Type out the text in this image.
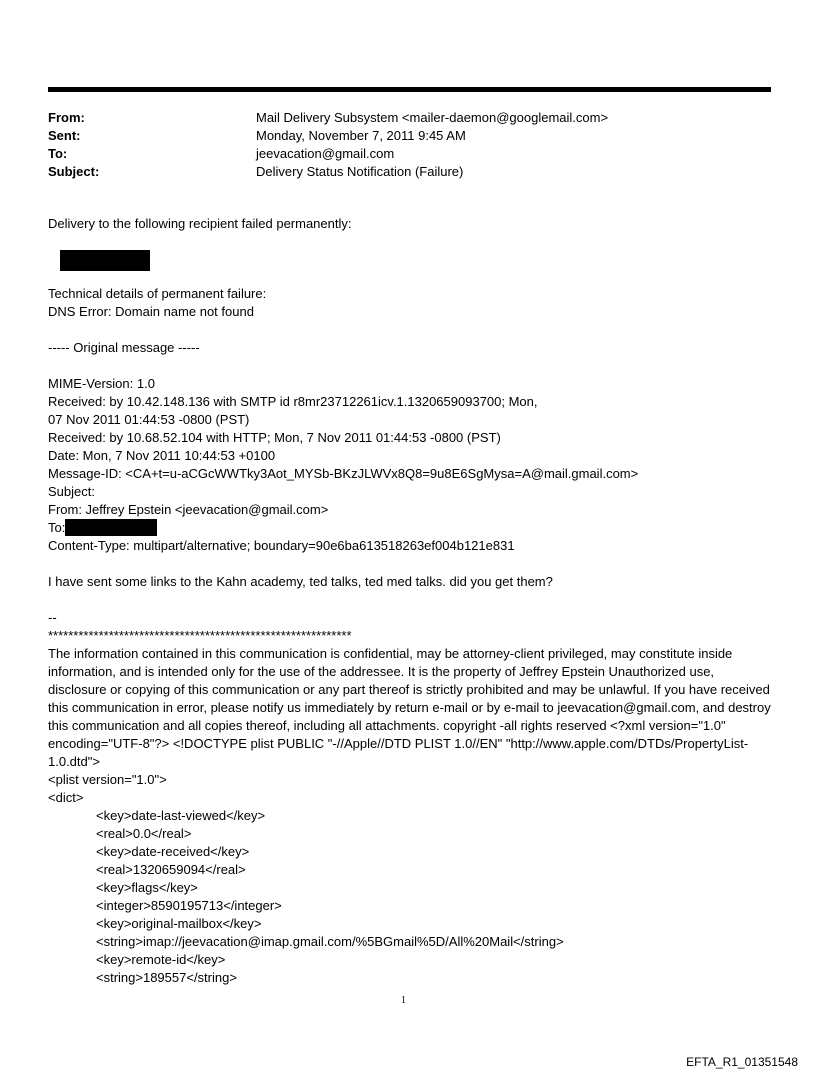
From:	Mail Delivery Subsystem <mailer-daemon@googlemail.com>
Sent:	Monday, November 7, 2011 9:45 AM
To:	jeevacation@gmail.com
Subject:	Delivery Status Notification (Failure)
Delivery to the following recipient failed permanently:
Technical details of permanent failure:
DNS Error: Domain name not found
----- Original message -----
MIME-Version: 1.0
Received: by 10.42.148.136 with SMTP id r8mr23712261icv.1.1320659093700; Mon,
07 Nov 2011 01:44:53 -0800 (PST)
Received: by 10.68.52.104 with HTTP; Mon, 7 Nov 2011 01:44:53 -0800 (PST)
Date: Mon, 7 Nov 2011 10:44:53 +0100
Message-ID: <CA+t=u-aCGcWWTky3Aot_MYSb-BKzJLWVx8Q8=9u8E6SgMysa=A@mail.gmail.com>
Subject:
From: Jeffrey Epstein <jeevacation@gmail.com>
To:
Content-Type: multipart/alternative; boundary=90e6ba613518263ef004b121e831
I have sent some links to the Kahn academy, ted talks, ted med talks. did you get them?
--
************************************************************
The information contained in this communication is confidential, may be attorney-client privileged, may constitute inside information, and is intended only for the use of the addressee. It is the property of Jeffrey Epstein Unauthorized use, disclosure or copying of this communication or any part thereof is strictly prohibited and may be unlawful. If you have received this communication in error, please notify us immediately by return e-mail or by e-mail to jeevacation@gmail.com, and destroy this communication and all copies thereof, including all attachments. copyright -all rights reserved <?xml version="1.0" encoding="UTF-8"?> <!DOCTYPE plist PUBLIC "-//Apple//DTD PLIST 1.0//EN" "http://www.apple.com/DTDs/PropertyList-1.0.dtd">
<plist version="1.0">
<dict>
<key>date-last-viewed</key>
<real>0.0</real>
<key>date-received</key>
<real>1320659094</real>
<key>flags</key>
<integer>8590195713</integer>
<key>original-mailbox</key>
<string>imap://jeevacation@imap.gmail.com/%5BGmail%5D/All%20Mail</string>
<key>remote-id</key>
<string>189557</string>
1
EFTA_R1_01351548
